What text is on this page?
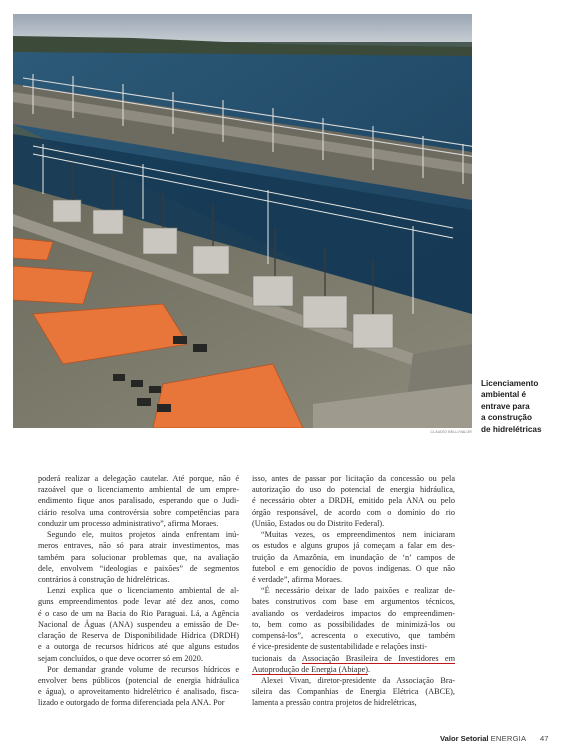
CLAUDIO BELLI/VALOR
Licenciamento
ambiental é
entrave para
a construção
de hidrelétricas
poderá realizar a delegação cautelar. Até porque, não é
razoável que o licenciamento ambiental de um empre-
endimento fique anos paralisado, esperando que o Judi-
ciário resolva uma controvérsia sobre competências para
conduzir um processo administrativo”, afirma Moraes.
Segundo ele, muitos projetos ainda enfrentam inú-
meros entraves, não só para atrair investimentos, mas
também para solucionar problemas que, na avaliação
dele, envolvem “ideologias e paixões” de segmentos
contrários à construção de hidrelétricas.
Lenzi explica que o licenciamento ambiental de al-
guns empreendimentos pode levar até dez anos, como
é o caso de um na Bacia do Rio Paraguai. Lá, a Agência
Nacional de Águas (ANA) suspendeu a emissão de De-
claração de Reserva de Disponibilidade Hídrica (DRDH)
e a outorga de recursos hídricos até que alguns estudos
sejam concluídos, o que deve ocorrer só em 2020.
Por demandar grande volume de recursos hídricos e
envolver bens públicos (potencial de energia hidráulica
e água), o aproveitamento hidrelétrico é analisado, fisca-
lizado e outorgado de forma diferenciada pela ANA. Por
isso, antes de passar por licitação da concessão ou pela
autorização do uso do potencial de energia hidráulica,
é necessário obter a DRDH, emitido pela ANA ou pelo
órgão responsável, de acordo com o domínio do rio
(União, Estados ou do Distrito Federal).
“Muitas vezes, os empreendimentos nem iniciaram
os estudos e alguns grupos já começam a falar em des-
truição da Amazônia, em inundação de ‘n’ campos de
futebol e em genocídio de povos indígenas. O que não
é verdade”, afirma Moraes.
“É necessário deixar de lado paixões e realizar de-
bates construtivos com base em argumentos técnicos,
avaliando os verdadeiros impactos do empreendimen-
to, bem como as possibilidades de minimizá-los ou
compensá-los”, acrescenta o executivo, que também
é vice-presidente de sustentabilidade e relações insti-
tucionais da Associação Brasileira de Investidores em
Autoprodução de Energia (Abiape).
Alexei Vivan, diretor-presidente da Associação Bra-
sileira das Companhias de Energia Elétrica (ABCE),
lamenta a pressão contra projetos de hidrelétricas,
Valor Setorial ENERGIA 47
